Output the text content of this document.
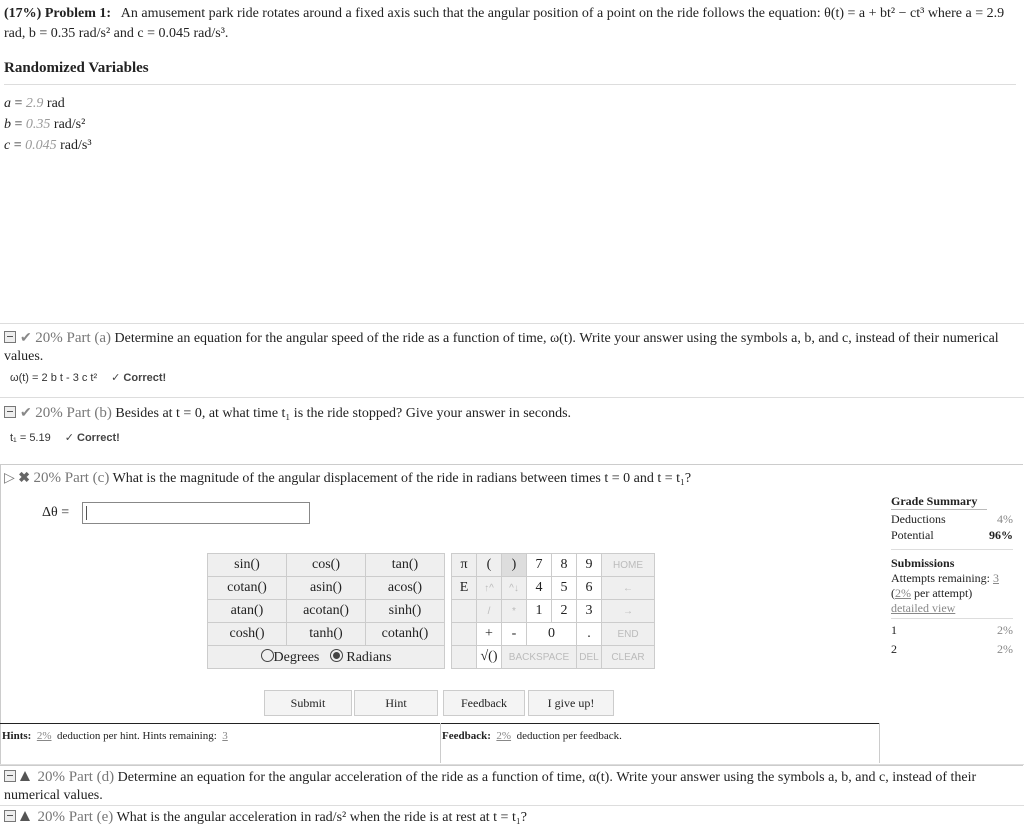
(17%) Problem 1: An amusement park ride rotates around a fixed axis such that the angular position of a point on the ride follows the equation: θ(t) = a + bt² − ct³ where a = 2.9 rad, b = 0.35 rad/s² and c = 0.045 rad/s³.
Randomized Variables
a = 2.9 rad
b = 0.35 rad/s²
c = 0.045 rad/s³
✔ 20% Part (a) Determine an equation for the angular speed of the ride as a function of time, ω(t). Write your answer using the symbols a, b, and c, instead of their numerical values.
ω(t) = 2 b t - 3 c t² ✓ Correct!
✔ 20% Part (b) Besides at t = 0, at what time t₁ is the ride stopped? Give your answer in seconds.
t₁ = 5.19 ✓ Correct!
▷ ✖ 20% Part (c) What is the magnitude of the angular displacement of the ride in radians between times t = 0 and t = t₁?
Δθ =
sin()	cos()	tan()		π	(	)	7	8	9	HOME
cotan()	asin()	acos()		E	↑^	^↓	4	5	6	←
atan()	acotan()	sinh()			/	*	1	2	3	→
cosh()	tanh()	cotanh()			+	-	0		.	END
Degrees Radians					√()	BACKSPACE			DEL	CLEAR
Submit	Hint	Feedback	I give up!
Hints: 2% deduction per hint. Hints remaining: 3	Feedback: 2% deduction per feedback.
Grade Summary
Deductions	4%
Potential	96%
Submissions
Attempts remaining: 3
(2% per attempt)
detailed view
1	2%
2	2%
20% Part (d) Determine an equation for the angular acceleration of the ride as a function of time, α(t). Write your answer using the symbols a, b, and c, instead of their numerical values.
20% Part (e) What is the angular acceleration in rad/s² when the ride is at rest at t = t₁?
